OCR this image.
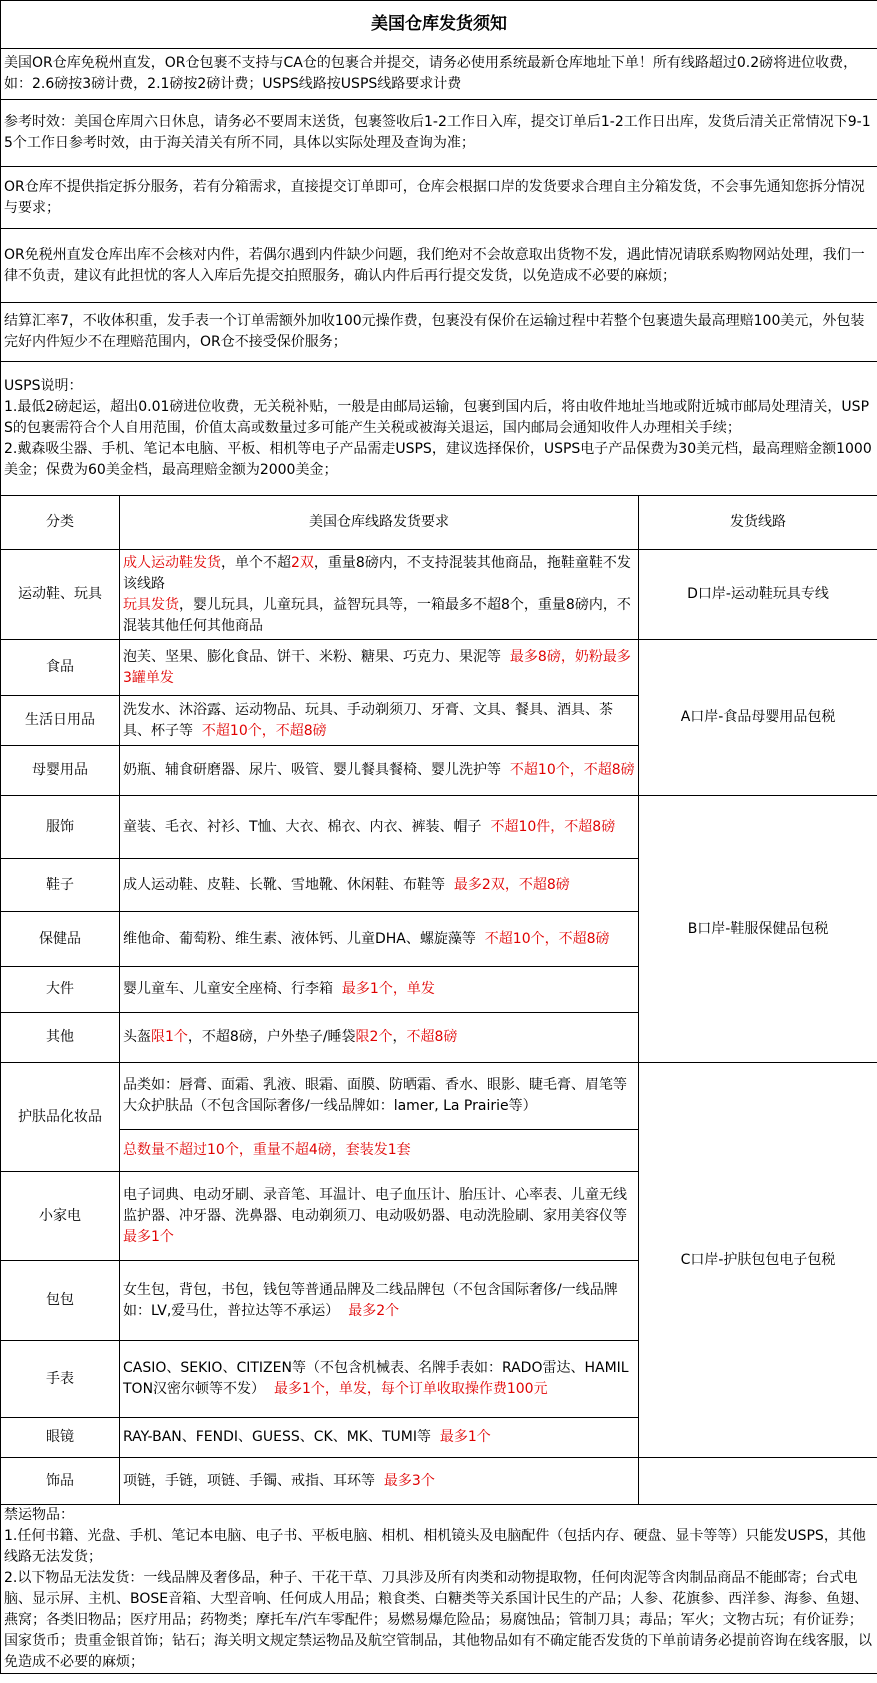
美国仓库发货须知		
美国OR仓库免税州直发，OR仓包裹不支持与CA仓的包裹合并提交，请务必使用系统最新仓库地址下单！所有线路超过0.2磅将进位收费，如：2.6磅按3磅计费，2.1磅按2磅计费；USPS线路按USPS线路要求计费		
参考时效：美国仓库周六日休息，请务必不要周末送货，包裹签收后1-2工作日入库，提交订单后1-2工作日出库，发货后清关正常情况下9-15个工作日参考时效，由于海关清关有所不同，具体以实际处理及查询为准；		
OR仓库不提供指定拆分服务，若有分箱需求，直接提交订单即可，仓库会根据口岸的发货要求合理自主分箱发货，不会事先通知您拆分情况与要求；		
OR免税州直发仓库出库不会核对内件，若偶尔遇到内件缺少问题，我们绝对不会故意取出货物不发，遇此情况请联系购物网站处理，我们一律不负责，建议有此担忧的客人入库后先提交拍照服务，确认内件后再行提交发货，以免造成不必要的麻烦；		
结算汇率7，不收体积重，发手表一个订单需额外加收100元操作费，包裹没有保价在运输过程中若整个包裹遗失最高理赔100美元，外包装完好内件短少不在理赔范围内，OR仓不接受保价服务；		

USPS说明：
1.最低2磅起运，超出0.01磅进位收费，无关税补贴，一般是由邮局运输，包裹到国内后，将由收件地址当地或附近城市邮局处理清关，USPS的包裹需符合个人自用范围，价值太高或数量过多可能产生关税或被海关退运，国内邮局会通知收件人办理相关手续；
2.戴森吸尘器、手机、笔记本电脑、平板、相机等电子产品需走USPS，建议选择保价，USPS电子产品保费为30美元档，最高理赔金额1000美金；保费为60美金档，最高理赔金额为2000美金；		

分类	美国仓库线路发货要求	发货线路
运动鞋、玩具	成人运动鞋发货，单个不超2双，重量8磅内，不支持混装其他商品，拖鞋童鞋不发该线路
玩具发货，婴儿玩具，儿童玩具，益智玩具等，一箱最多不超8个，重量8磅内，不混装其他任何其他商品	D口岸-运动鞋玩具专线
食品	泡芙、坚果、膨化食品、饼干、米粉、糖果、巧克力、果泥等 最多8磅，奶粉最多3罐单发	A口岸-食品母婴用品包税
生活日用品	洗发水、沐浴露、运动物品、玩具、手动剃须刀、牙膏、文具、餐具、酒具、茶具、杯子等 不超10个，不超8磅	
母婴用品	奶瓶、辅食研磨器、尿片、吸管、婴儿餐具餐椅、婴儿洗护等 不超10个，不超8磅	
服饰	童装、毛衣、衬衫、T恤、大衣、棉衣、内衣、裤装、帽子 不超10件，不超8磅	B口岸-鞋服保健品包税
鞋子	成人运动鞋、皮鞋、长靴、雪地靴、休闲鞋、布鞋等 最多2双，不超8磅	
保健品	维他命、葡萄粉、维生素、液体钙、儿童DHA、螺旋藻等 不超10个，不超8磅	
大件	婴儿童车、儿童安全座椅、行李箱 最多1个，单发	
其他	头盔限1个，不超8磅，户外垫子/睡袋限2个，不超8磅	
护肤品化妆品	品类如：唇膏、面霜、乳液、眼霜、面膜、防晒霜、香水、眼影、睫毛膏、眉笔等大众护肤品（不包含国际奢侈/一线品牌如：lamer, La Prairie等）	C口岸-护肤包包电子包税
	总数量不超过10个，重量不超4磅，套装发1套	
小家电	电子词典、电动牙刷、录音笔、耳温计、电子血压计、胎压计、心率表、儿童无线监护器、冲牙器、洗鼻器、电动剃须刀、电动吸奶器、电动洗脸刷、家用美容仪等  最多1个	
包包	女生包，背包，书包，钱包等普通品牌及二线品牌包（不包含国际奢侈/一线品牌如：LV,爱马仕，普拉达等不承运） 最多2个	
手表	CASIO、SEKIO、CITIZEN等（不包含机械表、名牌手表如：RADO雷达、HAMILTON汉密尔顿等不发） 最多1个，单发，每个订单收取操作费100元	
眼镜	RAY-BAN、FENDI、GUESS、CK、MK、TUMI等 最多1个	
饰品	项链，手链，项链、手镯、戒指、耳环等 最多3个	

禁运物品：
1.任何书籍、光盘、手机、笔记本电脑、电子书、平板电脑、相机、相机镜头及电脑配件（包括内存、硬盘、显卡等等）只能发USPS，其他线路无法发货；
2.以下物品无法发货：一线品牌及奢侈品，种子、干花干草、刀具涉及所有肉类和动物提取物，任何肉泥等含肉制品商品不能邮寄；台式电脑、显示屏、主机、BOSE音箱、大型音响、任何成人用品；粮食类、白糖类等关系国计民生的产品；人参、花旗参、西洋参、海参、鱼翅、燕窝；各类旧物品；医疗用品；药物类；摩托车/汽车零配件；易燃易爆危险品；易腐蚀品；管制刀具；毒品；军火；文物古玩；有价证券；国家货币；贵重金银首饰；钻石；海关明文规定禁运物品及航空管制品，其他物品如有不确定能否发货的下单前请务必提前咨询在线客服，以免造成不必要的麻烦；		
